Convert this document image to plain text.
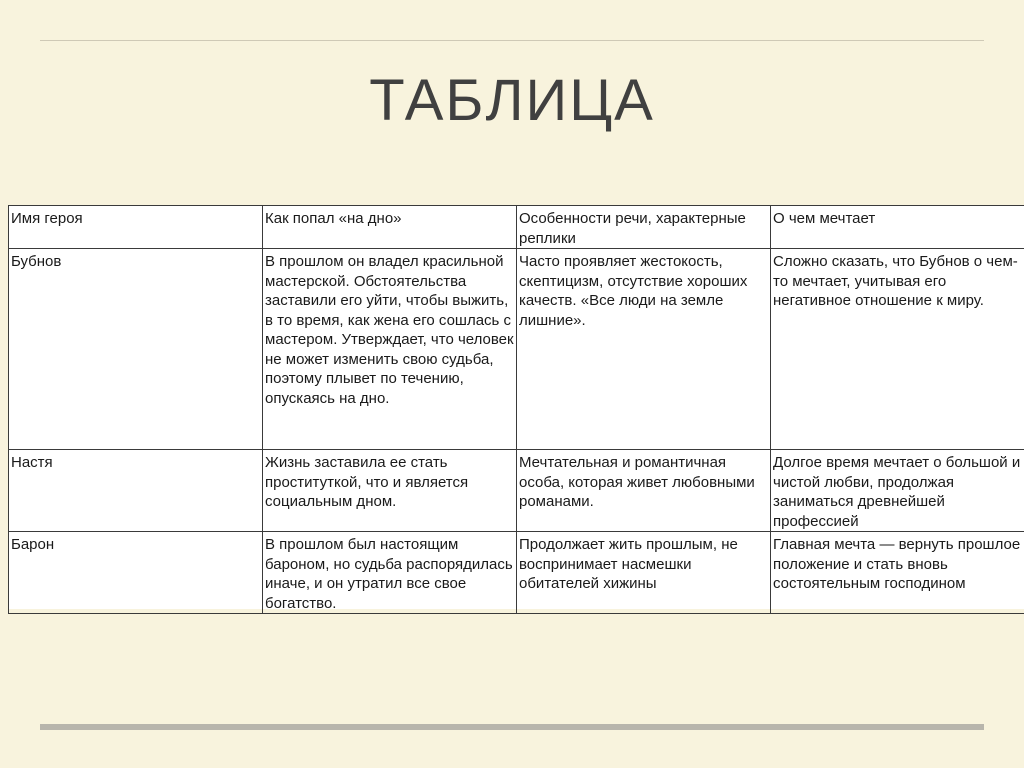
ТАБЛИЦА
Имя героя	Как попал «на дно»	Особенности речи, характерные реплики	О чем мечтает
Бубнов	В прошлом он владел красильной мастерской. Обстоятельства заставили его уйти, чтобы выжить, в то время, как жена его сошлась с мастером. Утверждает, что человек не может изменить свою судьба, поэтому плывет по течению, опускаясь на дно.	Часто проявляет жестокость, скептицизм, отсутствие хороших качеств. «Все люди на земле лишние».	Сложно сказать, что Бубнов о чем-то мечтает, учитывая его негативное отношение к миру.
Настя	Жизнь заставила ее стать проституткой, что и является социальным дном.	Мечтательная и романтичная особа, которая живет любовными романами.	Долгое время мечтает о большой и чистой любви, продолжая заниматься древнейшей профессией
Барон	В прошлом был настоящим бароном, но судьба распорядилась иначе, и он утратил все свое богатство.	Продолжает жить прошлым, не воспринимает насмешки обитателей хижины	Главная мечта — вернуть прошлое положение и стать вновь состоятельным господином
